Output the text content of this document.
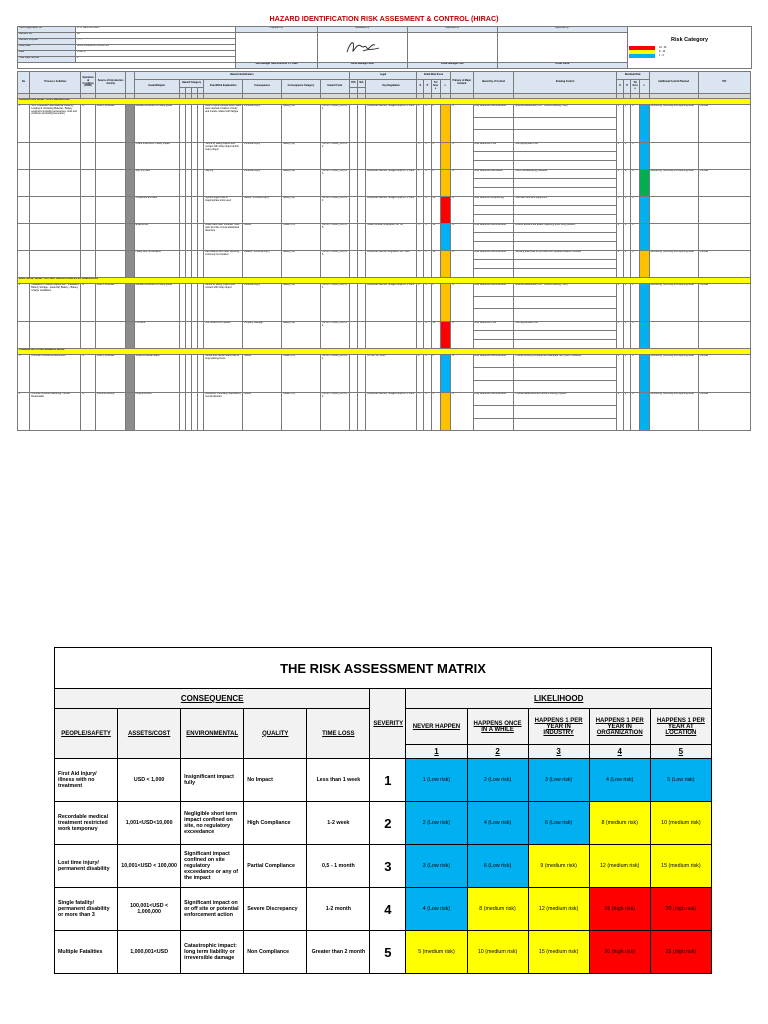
HAZARD IDENTIFICATION RISK ASSESMENT & CONTROL (HIRAC)
HIRA Registration No.	R. S. BESI PROJECT	Prepared by:	Reviewed by:	Approved by:	Approved by :	Risk Category
16 - 25
8 - 15
1 - 6

Revision No.	00				
Revision Purpose	........					
Issue Date	APAS KIAMBUWITA EKSTRA					
Date	1-Jun-17					
Total Page Number	2					
		Site Manager Subcontractor PT. BBM	HSSE Manager WBC	HSSE Manager PMC	HSSE PMSE	

No	Process / Activities	Operational Condition (R/NR)	Source of Introduction Activity		Hazard Identification									Legal			Initial Risk Score				Primary of Major Incident	Hierarchy of Control	Existing Control	Residual Risk				Additional Control Planned	PIC
					Hazard/Impact	Hazard Category				Event/Risk Explanation	Consequence	Consequence Category	Hazard Code	YES	N/A	Key Regulation	S	P	Tot Score	L				S	P	Tot Score	L		

PREPARATION WORK / SITE PREPARATION																													
1	SOP Preparation and Material handling - Loading & Unloading Material - Battery equipment including accessories, tools and enclosure (including Generator)	R	Level 1 Activities		Manual movement of heavy goods					Risk of Injured people when loads were manual or failure of body and muscle related with fatigue	Personal Injury	Safety (S1)	HS-SO7.1-DBF_04-1.0-1			Keputusan Menteri Tenaga Kerja No. 1 1980	2	4	8		N	Risk Reduction Administrative	Ensured awareness (TBT, Toolbox Meeting, JSA)	2	2	4		Monitoring, recording and reporting issue	PMSSE

					Crane movement, Heavy Impact					Struck by falling objects and contact with sharp object and/or heavy object	Personal Injury	Safety (S1)	HS-SO7.1-DBF_04-1.0-2				3	3	9		N	Risk Reduction PPE	Use appropriate PPE	3	1	3			

					Slip, trip, falls					Slip trip	Personal Injury	Safety (S1)	HS-SO7.1-DBF_04-1.0-3			Keputusan Menteri Tenaga Kerja No. 1 1980	2	4	8		N	Risk Reduction Elimination	Good housekeeping practices	2	2	4		Monitoring, recording and reporting issue	PMSSE

					Unplanned activities					Injured fingers due to inappropriate tools used	Safety / Personal Injury	Safety (S1)	HS-SO7.1-DBF_04-1.0-4			Keputusan Menteri Tenaga Kerja No. 1 1980	3	4	12		N	Risk Reduction Engineering	Use safe tools and equipment	3	1	3			

					Ergonomics					Lower back pain, shoulder, neck pain and risk of musculoskeletal disorders	Illness	Health (H1)	HS-SO7.1-DBF_04-1.0-5			Health Minister Regulation No. 48	3	4	12		N	Risk Reduction Administrative	Ensure workers are aware regarding good lifting position	2	2	4			

					Heavy and Hot Weather					Bad weather and heat, lightning, extremely hot weather	Fatality / Personal Injury	Safety (S1)	HS-SO7.1-DBF_04-1.0-6			Keputusan Menteri Regulation No. 1980	4	3	12		N	Risk Reduction Administrative	Working area shall be provided with updated weather forecast	3	2	6		Monitoring, recording and reporting issue	PMSSE

ELECTRICAL WORK - BATTERY INSTALLATION & PPE FABRICATION																													
2	Installation of Battery Equipment - Installation Battery Storage - Assembly Battery - Battery Charge Installation	R	Level 1 Activities		Manual movement of heavy goods					Struck by falling objects and contact with sharp object	Personal Injury	Safety (S1)	HS-SO7.1-DBF_04-2.0-1			Keputusan Menteri Tenaga Kerja No. 1 1980	2	4	8		N	Risk Reduction Administrative	Ensured awareness (TBT, Toolbox Meeting, JSA)	2	2	4		Monitoring, recording and reporting issue	PMSSE

					Hot work					Fire hazard from sparks	Property Damage	Safety (S1)	HS-SO7.1-DBF_04-2.0-2				3	4	12		N	Risk Reduction PPE	Use appropriate PPE	3	1	3			

COMMON ACTIVITIES GENERAL WORK																													
3	Common Routine Activities work	R	Level 1 Activities		Stress & Mental health					Stress and mental health due to long working hours	Illness	Health (H1)	HS-SO7.1-DBF_04-3.0-1			UU No. 13 / 2003	2	3	6		N	Risk Reduction Administrative	Provide working schedule with adequate rest cycle in between	2	2	4		Monitoring, recording and reporting issue	PMSSE

4	Common Routine Gathering / Social Reasonable	R	Common Activity		Drug & Alcohol					Accidents, criminality, depression, mental disorder	Illness	Health (H1)	HS-SO7.1-DBF_04-3.0-2			Keputusan Menteri Tenaga Kerja No. 1 1980	3	3	9		N	Risk Reduction Administrative	Provide awareness and random testing program	2	2	4		Monitoring, recording and reporting issue	PMSSE

THE RISK ASSESSMENT MATRIX										
CONSEQUENCE					SEVERITY	LIKELIHOOD				
PEOPLE/SAFETY	ASSETS/COST	ENVIRONMENTAL	QUALITY	TIME LOSS		NEVER HAPPEN	HAPPENS ONCE IN A WHILE	HAPPENS 1 PER YEAR IN INDUSTRY	HAPPENS 1 PER YEAR IN ORGANIZATION	HAPPENS 1 PER YEAR AT LOCATION
						1	2	3	4	5
First Aid Injury/ illness with no treatment	USD < 1,000	Insignificant impact fully	No Impact	Less than 1 week	1	1 (Low risk)	2 (Low risk)	3 (Low risk)	4 (Low risk)	5 (Low risk)
Recordable medical treatment restricted work temporary	1,001<USD<10,000	Negligible short term impact confined on site, no regulatory exceedance	High Compliance	1-2 week	2	2 (Low risk)	4 (Low risk)	6 (Low risk)	8 (medium risk)	10 (medium risk)
Lost time injury/ permanent disability	10,001<USD < 100,000	Significant impact confined on site regulatory exceedance or any of the impact	Partial Compliance	0,5 - 1 month	3	3 (Low risk)	6 (Low risk)	9 (medium risk)	12 (medium risk)	15 (medium risk)
Single fatality/ permanent disability or more than 3	100,001<USD < 1,000,000	Significant impact on or off site or potential enforcement action	Severe Discrepancy	1-2 month	4	4 (Low risk)	8 (medium risk)	12 (medium risk)	16 (high risk)	20 (high risk)
Multiple Fatalities	1,000,001<USD	Catastrophic impact: long term liability or irreversible damage	Non Compliance	Greater than 2 month	5	5 (medium risk)	10 (medium risk)	15 (medium risk)	20 (high risk)	25 (high risk)
